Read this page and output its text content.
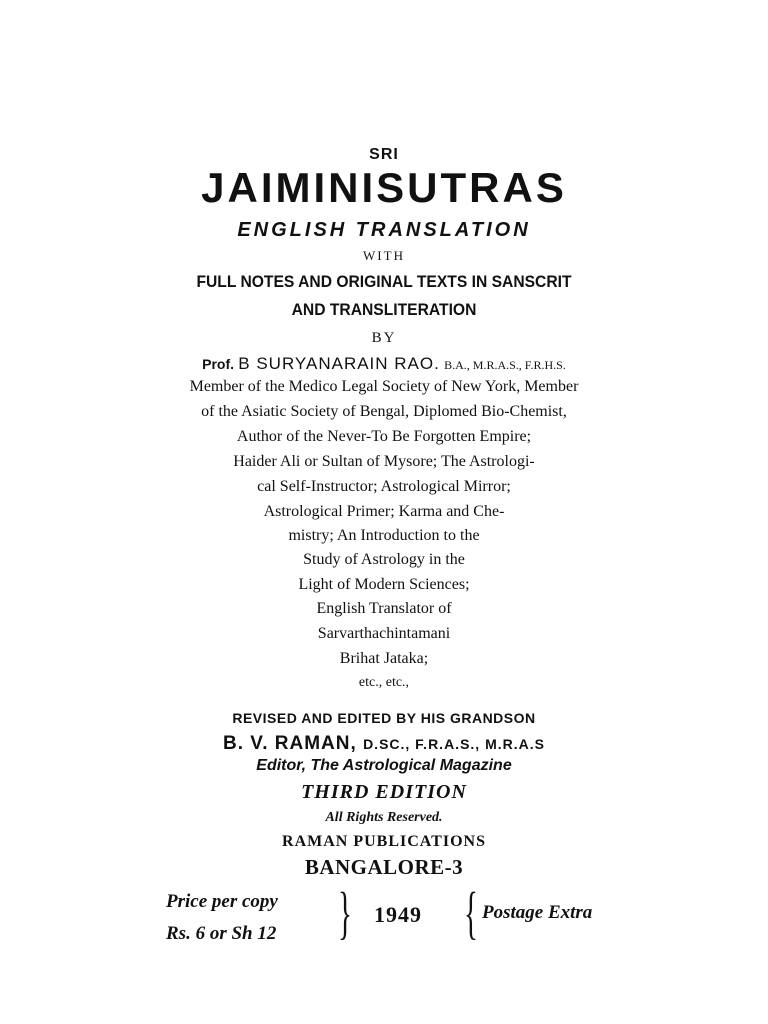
SRI
JAIMINISUTRAS
ENGLISH TRANSLATION
WITH
FULL NOTES AND ORIGINAL TEXTS IN SANSCRIT
AND TRANSLITERATION
BY
Prof. B SURYANARAIN RAO. B.A., M.R.A.S., F.R.H.S.
Member of the Medico Legal Society of New York, Member
of the Asiatic Society of Bengal, Diplomed Bio-Chemist,
Author of the Never-To Be Forgotten Empire;
Haider Ali or Sultan of Mysore; The Astrologi-
cal Self-Instructor; Astrological Mirror;
Astrological Primer; Karma and Che-
mistry; An Introduction to the
Study of Astrology in the
Light of Modern Sciences;
English Translator of
Sarvarthachintamani
Brihat Jataka;
etc., etc.,
REVISED AND EDITED BY HIS GRANDSON
B. V. RAMAN, D.SC., F.R.A.S., M.R.A.S
Editor, The Astrological Magazine
THIRD EDITION
All Rights Reserved.
RAMAN PUBLICATIONS
BANGALORE-3
Price per copy
Rs. 6 or Sh 12 } 1949 { Postage Extra
